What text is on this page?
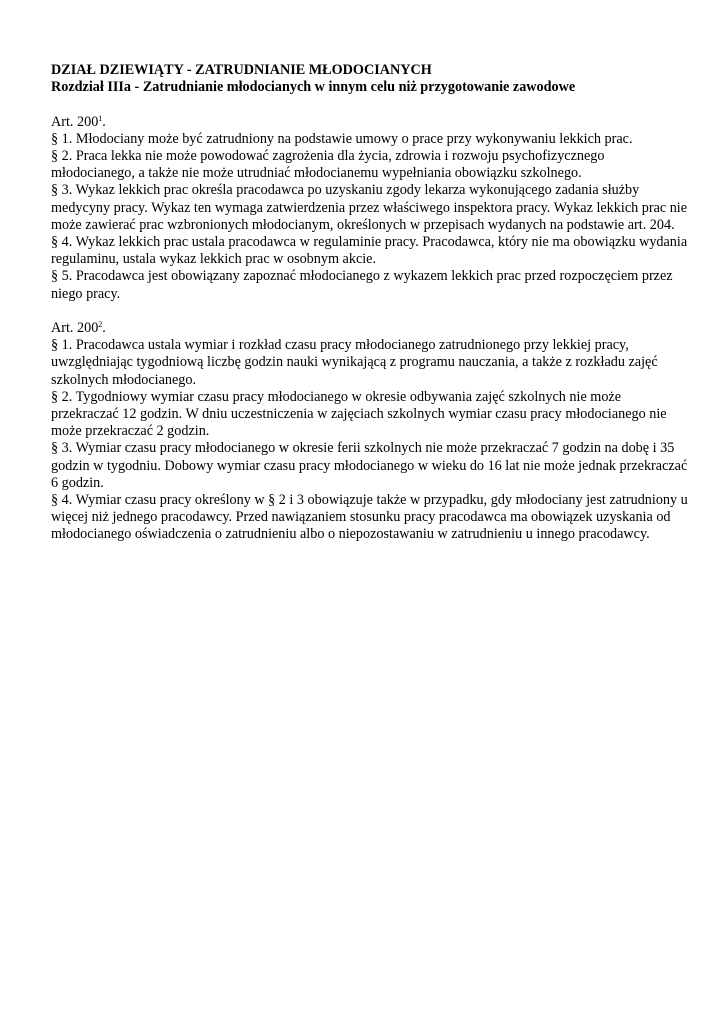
DZIAŁ DZIEWIĄTY - ZATRUDNIANIE MŁODOCIANYCH

Rozdział IIIa - Zatrudnianie młodocianych w innym celu niż przygotowanie zawodowe

Art. $200^1$.

§ 1. Młodociany może być zatrudniony na podstawie umowy o prace przy wykonywaniu lekkich prac.

§ 2. Praca lekka nie może powodować zagrożenia dla życia, zdrowia i rozwoju psychofizycznego młodocianego, a także nie może utrudniać młodocianemu wypełniania obowiązku szkolnego.

§ 3. Wykaz lekkich prac określa pracodawca po uzyskaniu zgody lekarza wykonującego zadania służby medycyny pracy. Wykaz ten wymaga zatwierdzenia przez właściwego inspektora pracy. Wykaz lekkich prac nie może zawierać prac wzbronionych młodocianym, określonych w przepisach wydanych na podstawie art. 204.

§ 4. Wykaz lekkich prac ustala pracodawca w regulaminie pracy. Pracodawca, który nie ma obowiązku wydania regulaminu, ustala wykaz lekkich prac w osobnym akcie.

§ 5. Pracodawca jest obowiązany zapoznać młodocianego z wykazem lekkich prac przed rozpoczęciem przez niego pracy.

Art. $200^2$.

§ 1. Pracodawca ustala wymiar i rozkład czasu pracy młodocianego zatrudnionego przy lekkiej pracy, uwzględniając tygodniową liczbę godzin nauki wynikającą z programu nauczania, a także z rozkładu zajęć szkolnych młodocianego.

§ 2. Tygodniowy wymiar czasu pracy młodocianego w okresie odbywania zajęć szkolnych nie może przekraczać 12 godzin. W dniu uczestniczenia w zajęciach szkolnych wymiar czasu pracy młodocianego nie może przekraczać 2 godzin.

§ 3. Wymiar czasu pracy młodocianego w okresie ferii szkolnych nie może przekraczać 7 godzin na dobę i 35 godzin w tygodniu. Dobowy wymiar czasu pracy młodocianego w wieku do 16 lat nie może jednak przekraczać 6 godzin.

§ 4. Wymiar czasu pracy określony w § 2 i 3 obowiązuje także w przypadku, gdy młodociany jest zatrudniony u więcej niż jednego pracodawcy. Przed nawiązaniem stosunku pracy pracodawca ma obowiązek uzyskania od młodocianego oświadczenia o zatrudnieniu albo o niepozostawaniu w zatrudnieniu u innego pracodawcy.
